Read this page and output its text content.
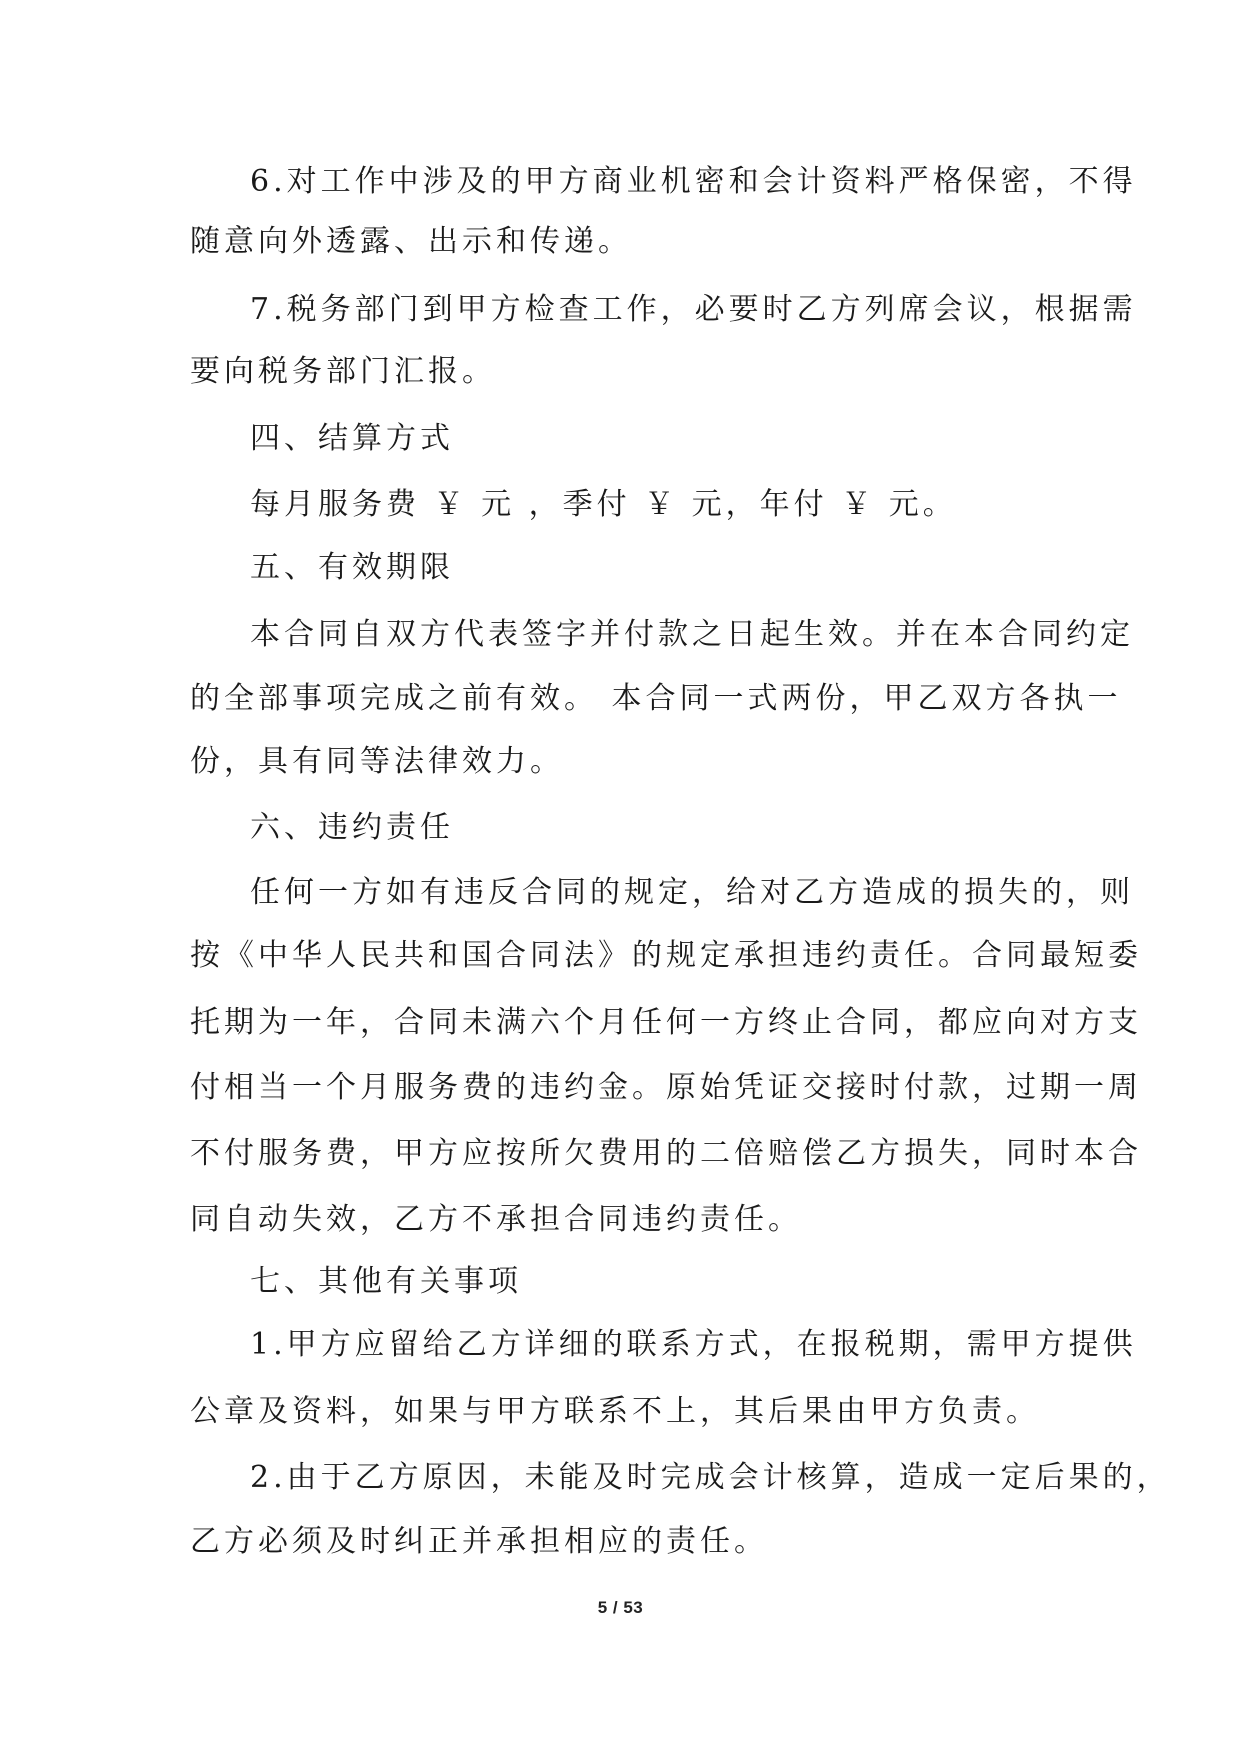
6.对工作中涉及的甲方商业机密和会计资料严格保密，不得
随意向外透露、出示和传递。
7.税务部门到甲方检查工作，必要时乙方列席会议，根据需
要向税务部门汇报。
四、结算方式
每月服务费 ￥ 元 ，季付 ￥ 元，年付 ￥ 元。
五、有效期限
本合同自双方代表签字并付款之日起生效。并在本合同约定
的全部事项完成之前有效。 本合同一式两份，甲乙双方各执一
份，具有同等法律效力。
六、违约责任
任何一方如有违反合同的规定，给对乙方造成的损失的，则
按《中华人民共和国合同法》的规定承担违约责任。合同最短委
托期为一年，合同未满六个月任何一方终止合同，都应向对方支
付相当一个月服务费的违约金。原始凭证交接时付款，过期一周
不付服务费，甲方应按所欠费用的二倍赔偿乙方损失，同时本合
同自动失效，乙方不承担合同违约责任。
七、其他有关事项
1.甲方应留给乙方详细的联系方式，在报税期，需甲方提供
公章及资料，如果与甲方联系不上，其后果由甲方负责。
2.由于乙方原因，未能及时完成会计核算，造成一定后果的，
乙方必须及时纠正并承担相应的责任。
5 / 53
